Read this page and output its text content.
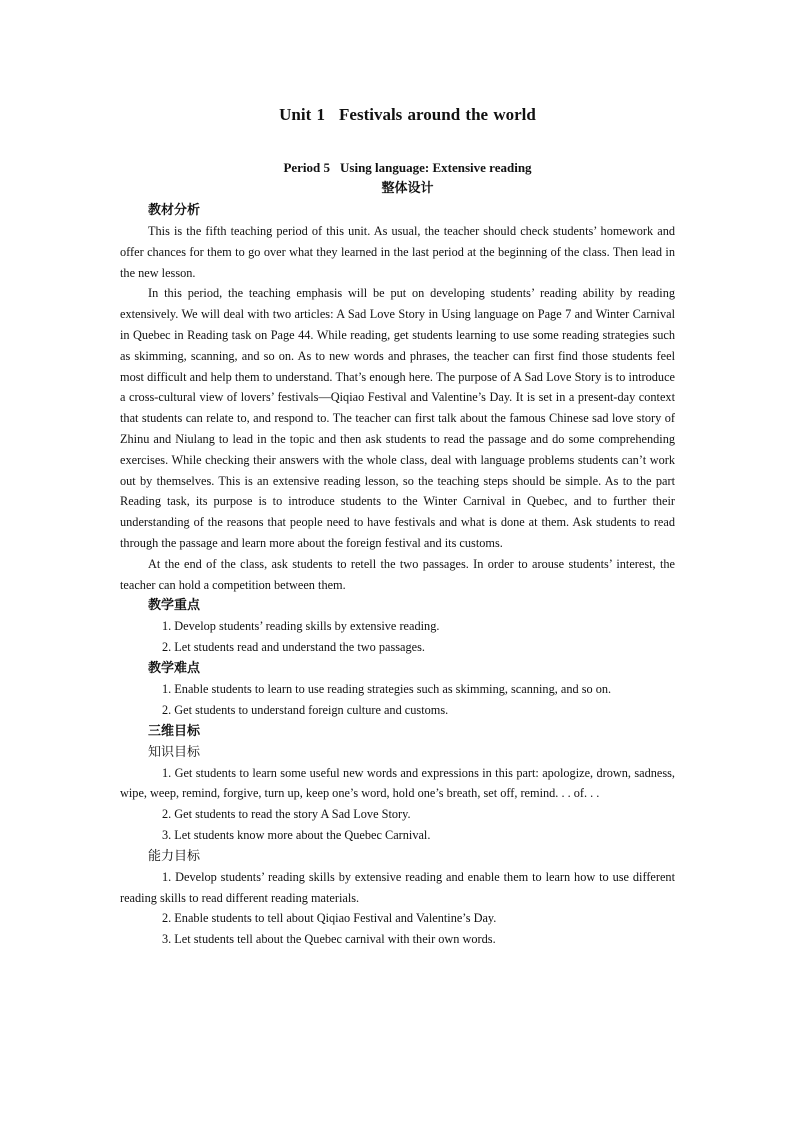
Unit 1 Festivals around the world

Period 5 Using language: Extensive reading

整体设计

教材分析

This is the fifth teaching period of this unit. As usual, the teacher should check students’ homework and offer chances for them to go over what they learned in the last period at the beginning of the class. Then lead in the new lesson.

In this period, the teaching emphasis will be put on developing students’ reading ability by reading extensively. We will deal with two articles: A Sad Love Story in Using language on Page 7 and Winter Carnival in Quebec in Reading task on Page 44. While reading, get students learning to use some reading strategies such as skimming, scanning, and so on. As to new words and phrases, the teacher can first find those students feel most difficult and help them to understand. That’s enough here. The purpose of A Sad Love Story is to introduce a cross-cultural view of lovers’ festivals—Qiqiao Festival and Valentine’s Day. It is set in a present-day context that students can relate to, and respond to. The teacher can first talk about the famous Chinese sad love story of Zhinu and Niulang to lead in the topic and then ask students to read the passage and do some comprehending exercises. While checking their answers with the whole class, deal with language problems students can’t work out by themselves. This is an extensive reading lesson, so the teaching steps should be simple. As to the part Reading task, its purpose is to introduce students to the Winter Carnival in Quebec, and to further their understanding of the reasons that people need to have festivals and what is done at them. Ask students to read through the passage and learn more about the foreign festival and its customs.

At the end of the class, ask students to retell the two passages. In order to arouse students’ interest, the teacher can hold a competition between them.

教学重点

1. Develop students’ reading skills by extensive reading.

2. Let students read and understand the two passages.

教学难点

1. Enable students to learn to use reading strategies such as skimming, scanning, and so on.

2. Get students to understand foreign culture and customs.

三维目标

知识目标

1. Get students to learn some useful new words and expressions in this part: apologize, drown, sadness, wipe, weep, remind, forgive, turn up, keep one’s word, hold one’s breath, set off, remind. . . of. . .

2. Get students to read the story A Sad Love Story.

3. Let students know more about the Quebec Carnival.

能力目标

1. Develop students’ reading skills by extensive reading and enable them to learn how to use different reading skills to read different reading materials.

2. Enable students to tell about Qiqiao Festival and Valentine’s Day.

3. Let students tell about the Quebec carnival with their own words.
